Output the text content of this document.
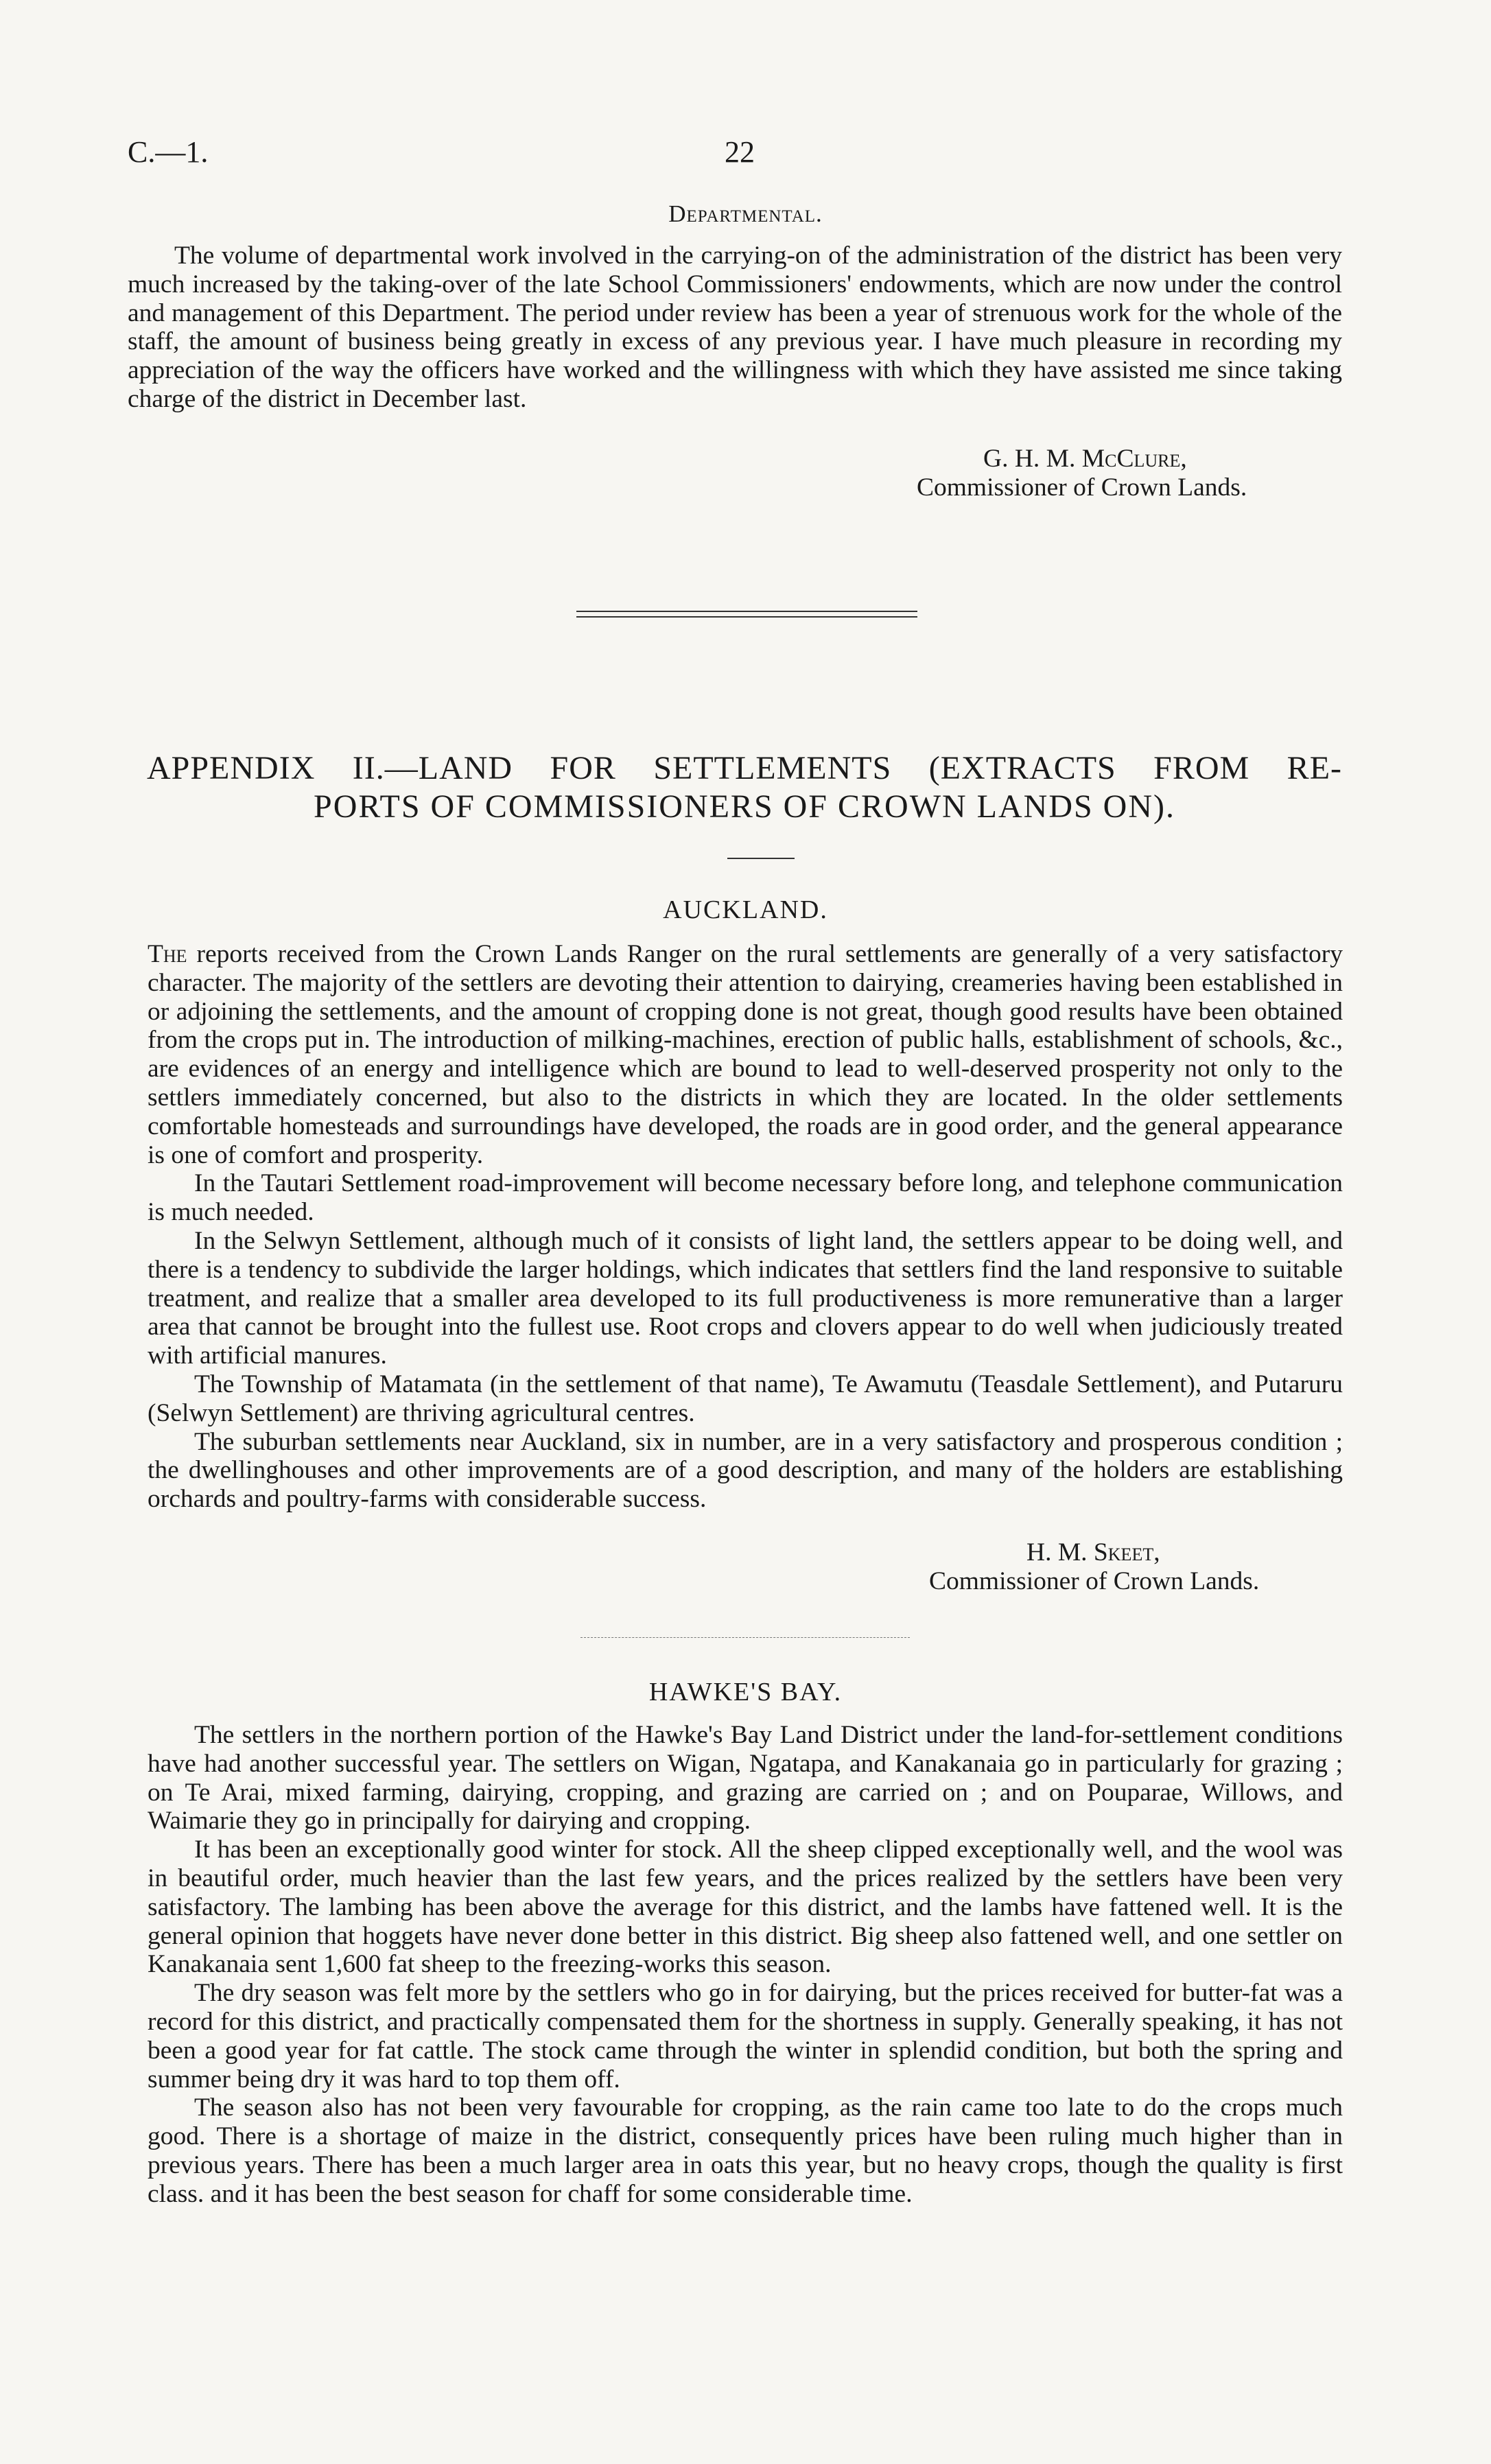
C.—1.	22
Departmental.

The volume of departmental work involved in the carrying-on of the administration of the district has been very much increased by the taking-over of the late School Commissioners' endowments, which are now under the control and management of this Department. The period under review has been a year of strenuous work for the whole of the staff, the amount of business being greatly in excess of any previous year. I have much pleasure in recording my appreciation of the way the officers have worked and the willingness with which they have assisted me since taking charge of the district in December last.

G. H. M. McClure,
Commissioner of Crown Lands.
APPENDIX II.—LAND FOR SETTLEMENTS (EXTRACTS FROM RE-
PORTS OF COMMISSIONERS OF CROWN LANDS ON).
AUCKLAND.

The reports received from the Crown Lands Ranger on the rural settlements are generally of a very satisfactory character. The majority of the settlers are devoting their attention to dairying, creameries having been established in or adjoining the settlements, and the amount of cropping done is not great, though good results have been obtained from the crops put in. The introduction of milking-machines, erection of public halls, establishment of schools, &c., are evidences of an energy and intelligence which are bound to lead to well-deserved prosperity not only to the settlers immediately concerned, but also to the districts in which they are located. In the older settlements comfortable homesteads and surroundings have developed, the roads are in good order, and the general appearance is one of comfort and prosperity.

In the Tautari Settlement road-improvement will become necessary before long, and telephone communication is much needed.

In the Selwyn Settlement, although much of it consists of light land, the settlers appear to be doing well, and there is a tendency to subdivide the larger holdings, which indicates that settlers find the land responsive to suitable treatment, and realize that a smaller area developed to its full productiveness is more remunerative than a larger area that cannot be brought into the fullest use. Root crops and clovers appear to do well when judiciously treated with artificial manures.

The Township of Matamata (in the settlement of that name), Te Awamutu (Teasdale Settlement), and Putaruru (Selwyn Settlement) are thriving agricultural centres.

The suburban settlements near Auckland, six in number, are in a very satisfactory and prosperous condition ; the dwellinghouses and other improvements are of a good description, and many of the holders are establishing orchards and poultry-farms with considerable success.

H. M. Skeet,
Commissioner of Crown Lands.
HAWKE'S BAY.

The settlers in the northern portion of the Hawke's Bay Land District under the land-for-settlement conditions have had another successful year. The settlers on Wigan, Ngatapa, and Kanakanaia go in particularly for grazing ; on Te Arai, mixed farming, dairying, cropping, and grazing are carried on ; and on Pouparae, Willows, and Waimarie they go in principally for dairying and cropping.

It has been an exceptionally good winter for stock. All the sheep clipped exceptionally well, and the wool was in beautiful order, much heavier than the last few years, and the prices realized by the settlers have been very satisfactory. The lambing has been above the average for this district, and the lambs have fattened well. It is the general opinion that hoggets have never done better in this district. Big sheep also fattened well, and one settler on Kanakanaia sent 1,600 fat sheep to the freezing-works this season.

The dry season was felt more by the settlers who go in for dairying, but the prices received for butter-fat was a record for this district, and practically compensated them for the shortness in supply. Generally speaking, it has not been a good year for fat cattle. The stock came through the winter in splendid condition, but both the spring and summer being dry it was hard to top them off.

The season also has not been very favourable for cropping, as the rain came too late to do the crops much good. There is a shortage of maize in the district, consequently prices have been ruling much higher than in previous years. There has been a much larger area in oats this year, but no heavy crops, though the quality is first class. and it has been the best season for chaff for some considerable time.
